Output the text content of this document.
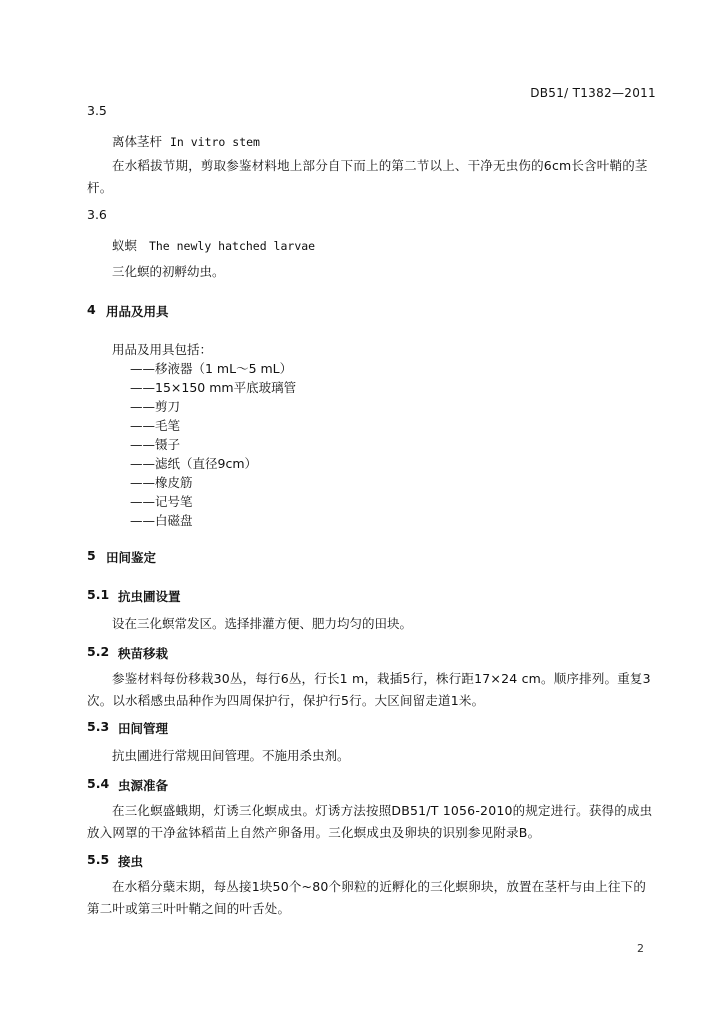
DB51/ T1382—2011
3.5
离体茎杆 In vitro stem
在水稻拔节期，剪取参鉴材料地上部分自下而上的第二节以上、干净无虫伤的6cm长含叶鞘的茎杆。
3.6
蚁螟 The newly hatched larvae
三化螟的初孵幼虫。
4 用品及用具
用品及用具包括：
——移液器（1 mL～5 mL）
——15×150 mm平底玻璃管
——剪刀
——毛笔
——镊子
——滤纸（直径9cm）
——橡皮筋
——记号笔
——白磁盘
5 田间鉴定
5.1 抗虫圃设置
设在三化螟常发区。选择排灌方便、肥力均匀的田块。
5.2 秧苗移栽
参鉴材料每份移栽30丛，每行6丛，行长1 m，栽插5行，株行距17×24 cm。顺序排列。重复3次。以水稻感虫品种作为四周保护行，保护行5行。大区间留走道1米。
5.3 田间管理
抗虫圃进行常规田间管理。不施用杀虫剂。
5.4 虫源准备
在三化螟盛蛾期，灯诱三化螟成虫。灯诱方法按照DB51/T 1056-2010的规定进行。获得的成虫放入网罩的干净盆钵稻苗上自然产卵备用。三化螟成虫及卵块的识别参见附录B。
5.5 接虫
在水稻分蘖末期，每丛接1块50个~80个卵粒的近孵化的三化螟卵块，放置在茎杆与由上往下的第二叶或第三叶叶鞘之间的叶舌处。
2
